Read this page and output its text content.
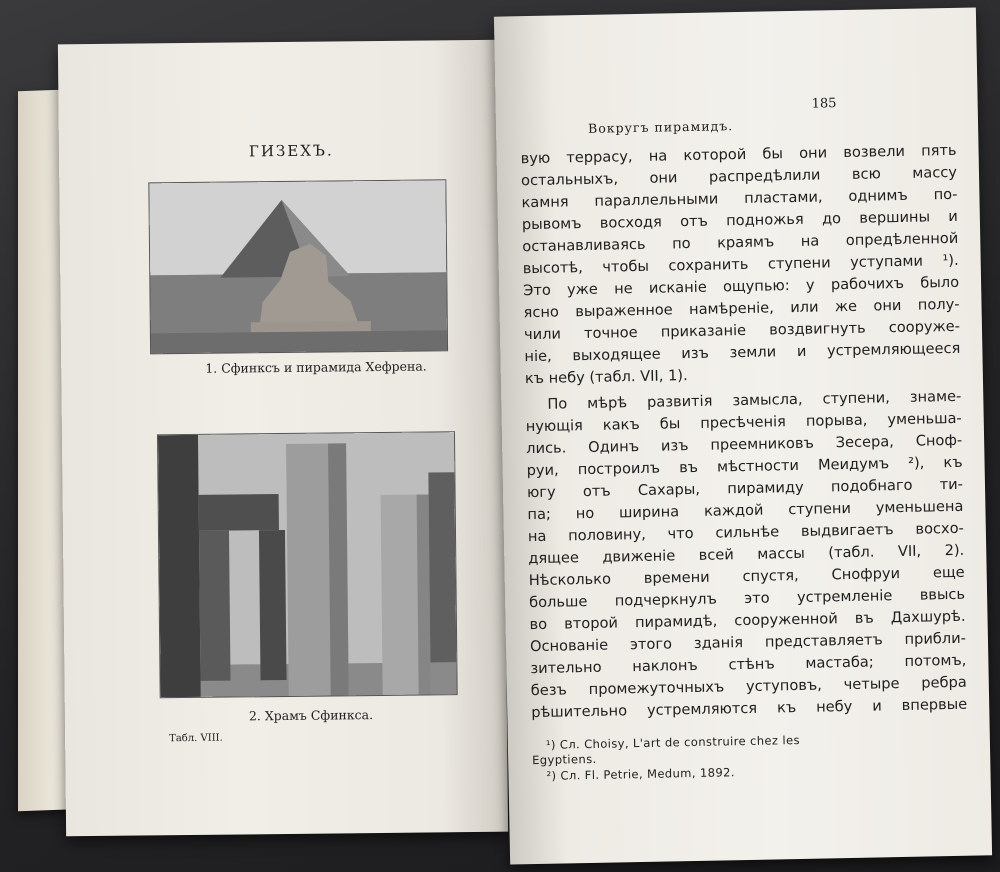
ГИЗЕХЪ.
1. Сфинксъ и пирамида Хефрена.
2. Храмъ Сфинкса.
Табл. VIII.
185
Вокругъ пирамидъ.
вую террасу, на которой бы они возвели пять
остальныхъ, они распредѣлили всю массу
камня параллельными пластами, однимъ по-
рывомъ восходя отъ подножья до вершины и
останавливаясь по краямъ на опредѣленной
высотѣ, чтобы сохранить ступени уступами ¹).
Это уже не исканіе ощупью: у рабочихъ было
ясно выраженное намѣреніе, или же они полу-
чили точное приказаніе воздвигнуть сооруже-
ніе, выходящее изъ земли и устремляющееся
къ небу (табл. VII, 1).
По мѣрѣ развитія замысла, ступени, знаме-
нующія какъ бы пресѣченія порыва, уменьша-
лись. Одинъ изъ преемниковъ Зесера, Сноф-
руи, построилъ въ мѣстности Меидумъ ²), къ
югу отъ Сахары, пирамиду подобнаго ти-
па; но ширина каждой ступени уменьшена
на половину, что сильнѣе выдвигаетъ восхо-
дящее движеніе всей массы (табл. VII, 2).
Нѣсколько времени спустя, Снофруи еще
больше подчеркнулъ это устремленіе ввысь
во второй пирамидѣ, сооруженной въ Дахшурѣ.
Основаніе этого зданія представляетъ прибли-
зительно наклонъ стѣнъ мастаба; потомъ,
безъ промежуточныхъ уступовъ, четыре ребра
рѣшительно устремляются къ небу и впервые
¹) Сл. Choisy, L'art de construire chez les
Egyptiens.
²) Сл. Fl. Petrie, Medum, 1892.
